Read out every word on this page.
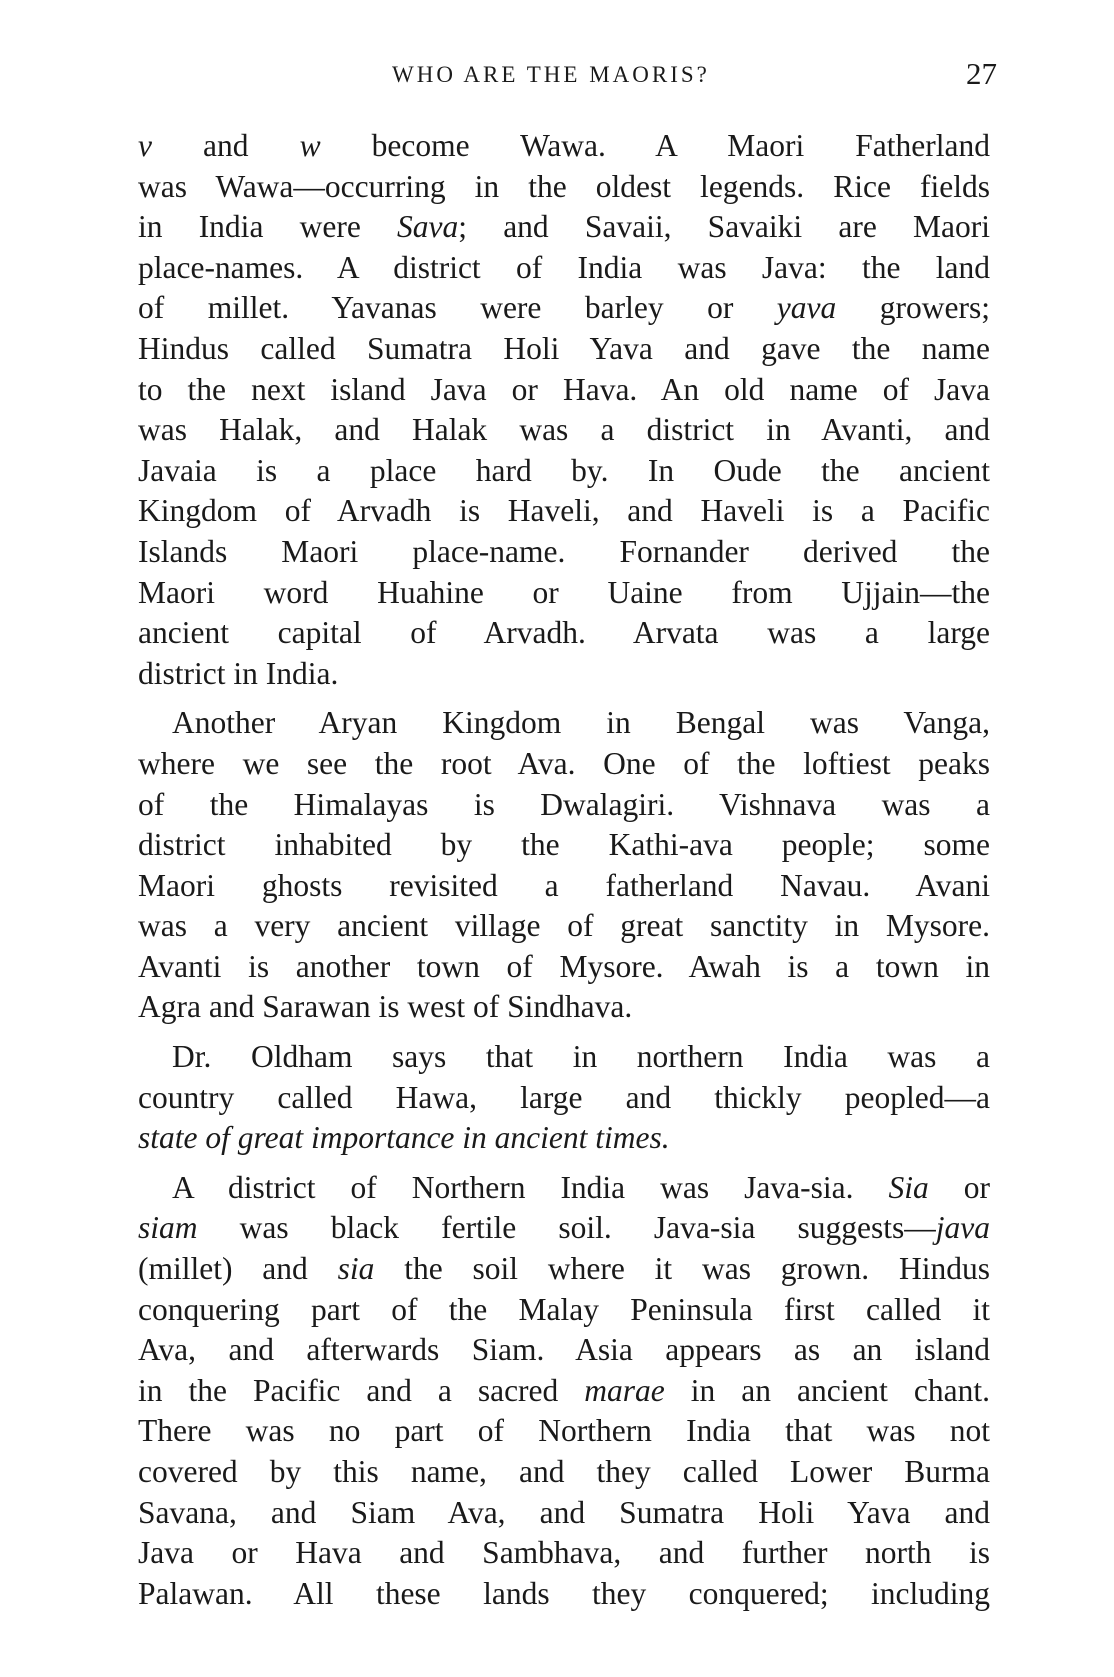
WHO ARE THE MAORIS?	27
v and w become Wawa. A Maori Fatherland
was Wawa—occurring in the oldest legends. Rice fields
in India were Sava; and Savaii, Savaiki are Maori
place-names. A district of India was Java: the land
of millet. Yavanas were barley or yava growers;
Hindus called Sumatra Holi Yava and gave the name
to the next island Java or Hava. An old name of Java
was Halak, and Halak was a district in Avanti, and
Javaia is a place hard by. In Oude the ancient
Kingdom of Arvadh is Haveli, and Haveli is a Pacific
Islands Maori place-name. Fornander derived the
Maori word Huahine or Uaine from Ujjain—the
ancient capital of Arvadh. Arvata was a large
district in India.
Another Aryan Kingdom in Bengal was Vanga,
where we see the root Ava. One of the loftiest peaks
of the Himalayas is Dwalagiri. Vishnava was a
district inhabited by the Kathi-ava people; some
Maori ghosts revisited a fatherland Navau. Avani
was a very ancient village of great sanctity in Mysore.
Avanti is another town of Mysore. Awah is a town in
Agra and Sarawan is west of Sindhava.
Dr. Oldham says that in northern India was a
country called Hawa, large and thickly peopled—a
state of great importance in ancient times.
A district of Northern India was Java-sia. Sia or
siam was black fertile soil. Java-sia suggests—java
(millet) and sia the soil where it was grown. Hindus
conquering part of the Malay Peninsula first called it
Ava, and afterwards Siam. Asia appears as an island
in the Pacific and a sacred marae in an ancient chant.
There was no part of Northern India that was not
covered by this name, and they called Lower Burma
Savana, and Siam Ava, and Sumatra Holi Yava and
Java or Hava and Sambhava, and further north is
Palawan. All these lands they conquered; including
